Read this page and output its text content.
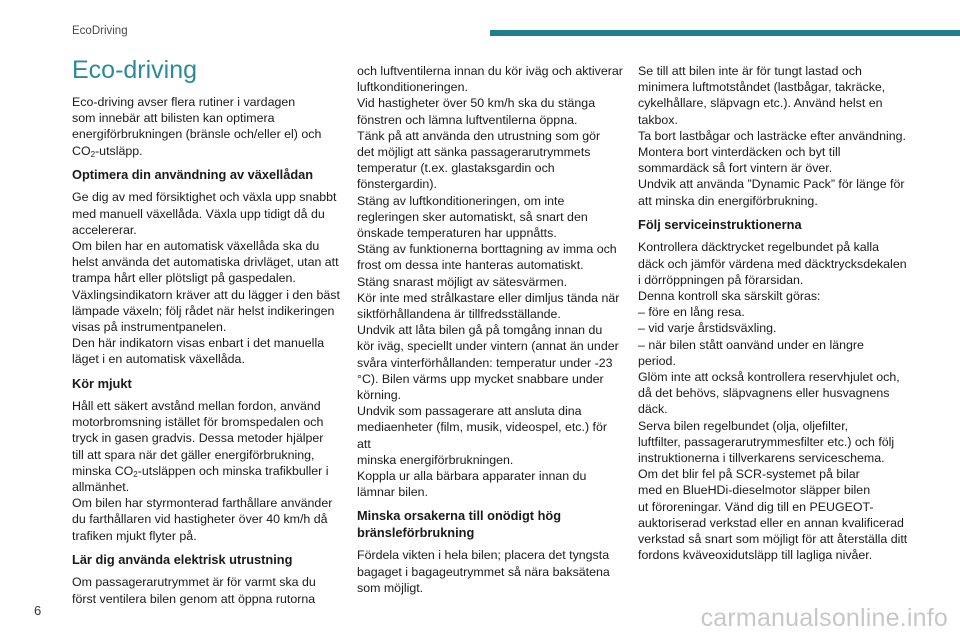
EcoDriving
Eco-driving

Eco-driving avser flera rutiner i vardagen
som innebär att bilisten kan optimera
energiförbrukningen (bränsle och/eller el) och
$CO_2$-utsläpp.

Optimera din användning av växellådan

Ge dig av med försiktighet och växla upp snabbt
med manuell växellåda. Växla upp tidigt då du
accelererar.
Om bilen har en automatisk växellåda ska du
helst använda det automatiska drivläget, utan att
trampa hårt eller plötsligt på gaspedalen.
Växlingsindikatorn kräver att du lägger i den bäst
lämpade växeln; följ rådet när helst indikeringen
visas på instrumentpanelen.
Den här indikatorn visas enbart i det manuella
läget i en automatisk växellåda.

Kör mjukt

Håll ett säkert avstånd mellan fordon, använd
motorbromsning istället för bromspedalen och
tryck in gasen gradvis. Dessa metoder hjälper
till att spara när det gäller energiförbrukning,
minska $CO_2$-utsläppen och minska trafikbuller i
allmänhet.
Om bilen har styrmonterad farthållare använder
du farthållaren vid hastigheter över 40 km/h då
trafiken mjukt flyter på.

Lär dig använda elektrisk utrustning

Om passagerarutrymmet är för varmt ska du
först ventilera bilen genom att öppna rutorna

och luftventilerna innan du kör iväg och aktiverar
luftkonditioneringen.
Vid hastigheter över 50 km/h ska du stänga
fönstren och lämna luftventilerna öppna.
Tänk på att använda den utrustning som gör
det möjligt att sänka passagerarutrymmets
temperatur (t.ex. glastaksgardin och
fönstergardin).
Stäng av luftkonditioneringen, om inte
regleringen sker automatiskt, så snart den
önskade temperaturen har uppnåtts.
Stäng av funktionerna borttagning av imma och
frost om dessa inte hanteras automatiskt.
Stäng snarast möjligt av sätesvärmen.
Kör inte med strålkastare eller dimljus tända när
siktförhållandena är tillfredsställande.
Undvik att låta bilen gå på tomgång innan du
kör iväg, speciellt under vintern (annat än under
svåra vinterförhållanden: temperatur under -23
°C). Bilen värms upp mycket snabbare under
körning.
Undvik som passagerare att ansluta dina
mediaenheter (film, musik, videospel, etc.) för att
minska energiförbrukningen.
Koppla ur alla bärbara apparater innan du
lämnar bilen.

Minska orsakerna till onödigt hög
bränsleförbrukning

Fördela vikten i hela bilen; placera det tyngsta
bagaget i bagageutrymmet så nära baksätena
som möjligt.

Se till att bilen inte är för tungt lastad och
minimera luftmotståndet (lastbågar, takräcke,
cykelhållare, släpvagn etc.). Använd helst en
takbox.
Ta bort lastbågar och lasträcke efter användning.
Montera bort vinterdäcken och byt till
sommardäck så fort vintern är över.
Undvik att använda ”Dynamic Pack” för länge för
att minska din energiförbrukning.

Följ serviceinstruktionerna

Kontrollera däcktrycket regelbundet på kalla
däck och jämför värdena med däcktrycksdekalen
i dörröppningen på förarsidan.
Denna kontroll ska särskilt göras:
– före en lång resa.
– vid varje årstidsväxling.
– när bilen stått oanvänd under en längre
period.
Glöm inte att också kontrollera reservhjulet och,
då det behövs, släpvagnens eller husvagnens
däck.
Serva bilen regelbundet (olja, oljefilter,
luftfilter, passagerarutrymmesfilter etc.) och följ
instruktionerna i tillverkarens serviceschema.
Om det blir fel på SCR-systemet på bilar
med en BlueHDi-dieselmotor släpper bilen
ut föroreningar. Vänd dig till en PEUGEOT-
auktoriserad verkstad eller en annan kvalificerad
verkstad så snart som möjligt för att återställa ditt
fordons kväveoxidutsläpp till lagliga nivåer.

6	carmanualsonline.info
